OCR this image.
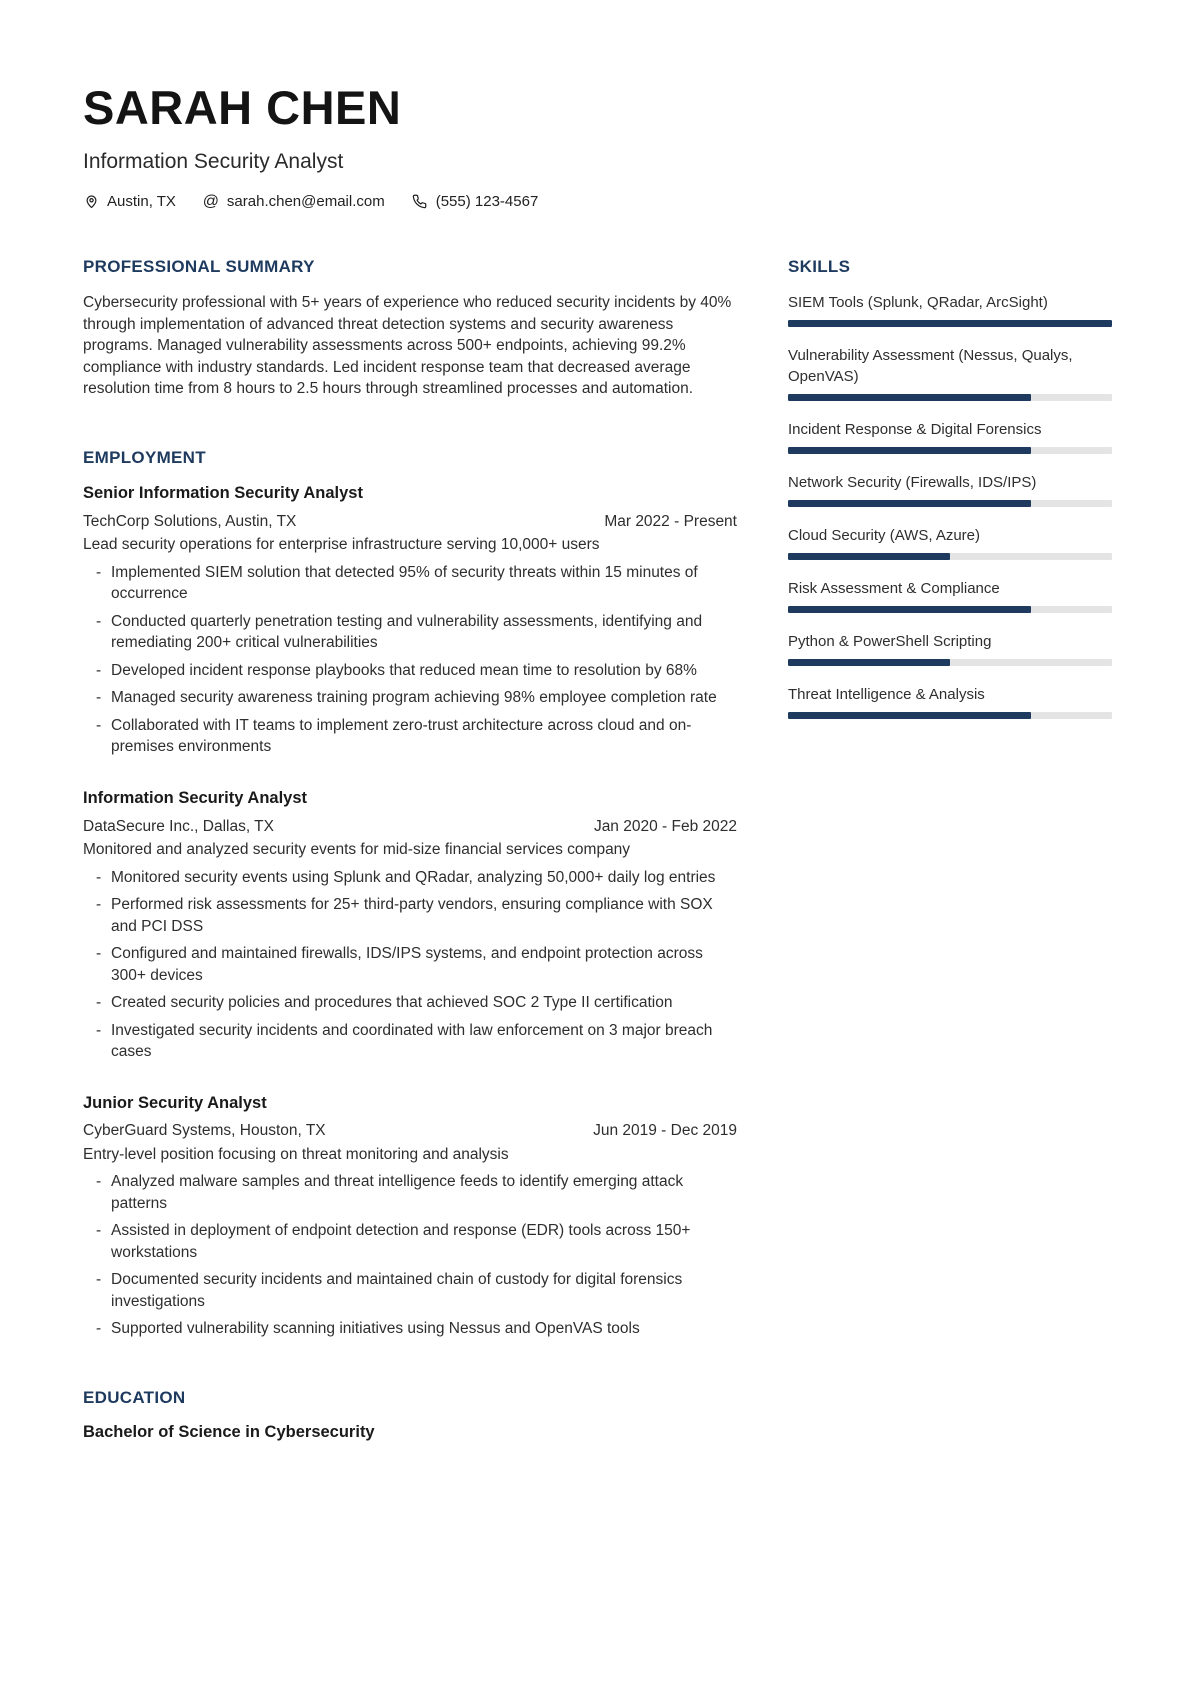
SARAH CHEN

Information Security Analyst

Austin, TX @ sarah.chen@email.com	(555) 123-4567
PROFESSIONAL SUMMARY

Cybersecurity professional with 5+ years of experience who reduced security incidents by 40% through implementation of advanced threat detection systems and security awareness programs. Managed vulnerability assessments across 500+ endpoints, achieving 99.2% compliance with industry standards. Led incident response team that decreased average resolution time from 8 hours to 2.5 hours through streamlined processes and automation.

EMPLOYMENT
Senior Information Security Analyst
TechCorp Solutions, Austin, TX	Mar 2022 - Present

Lead security operations for enterprise infrastructure serving 10,000+ users

- Implemented SIEM solution that detected 95% of security threats within 15 minutes of occurrence
- Conducted quarterly penetration testing and vulnerability assessments, identifying and remediating 200+ critical vulnerabilities
- Developed incident response playbooks that reduced mean time to resolution by 68%
- Managed security awareness training program achieving 98% employee completion rate
- Collaborated with IT teams to implement zero-trust architecture across cloud and on-premises environments
Information Security Analyst
DataSecure Inc., Dallas, TX	Jan 2020 - Feb 2022

Monitored and analyzed security events for mid-size financial services company

- Monitored security events using Splunk and QRadar, analyzing 50,000+ daily log entries
- Performed risk assessments for 25+ third-party vendors, ensuring compliance with SOX and PCI DSS
- Configured and maintained firewalls, IDS/IPS systems, and endpoint protection across 300+ devices
- Created security policies and procedures that achieved SOC 2 Type II certification
- Investigated security incidents and coordinated with law enforcement on 3 major breach cases
Junior Security Analyst
CyberGuard Systems, Houston, TX	Jun 2019 - Dec 2019

Entry-level position focusing on threat monitoring and analysis

- Analyzed malware samples and threat intelligence feeds to identify emerging attack patterns
- Assisted in deployment of endpoint detection and response (EDR) tools across 150+ workstations
- Documented security incidents and maintained chain of custody for digital forensics investigations
- Supported vulnerability scanning initiatives using Nessus and OpenVAS tools
EDUCATION

Bachelor of Science in Cybersecurity

SKILLS
SIEM Tools (Splunk, QRadar, ArcSight)
Vulnerability Assessment (Nessus, Qualys, OpenVAS)
Incident Response & Digital Forensics
Network Security (Firewalls, IDS/IPS)
Cloud Security (AWS, Azure)
Risk Assessment & Compliance
Python & PowerShell Scripting
Threat Intelligence & Analysis
